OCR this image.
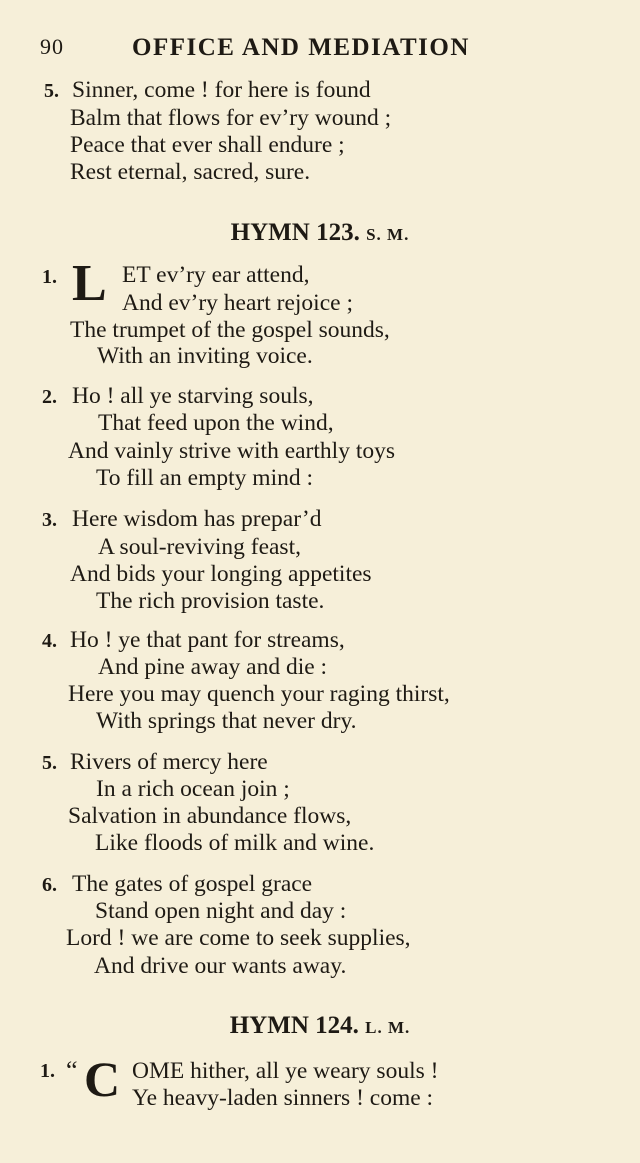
90	OFFICE AND MEDIATION
5. Sinner, come ! for here is found
Balm that flows for ev’ry wound ;
Peace that ever shall endure ;
Rest eternal, sacred, sure.
HYMN 123. S. M.
1. L ET ev’ry ear attend,
And ev’ry heart rejoice ;
The trumpet of the gospel sounds,
With an inviting voice.
2. Ho ! all ye starving souls,
That feed upon the wind,
And vainly strive with earthly toys
To fill an empty mind :
3. Here wisdom has prepar’d
A soul-reviving feast,
And bids your longing appetites
The rich provision taste.
4. Ho ! ye that pant for streams,
And pine away and die :
Here you may quench your raging thirst,
With springs that never dry.
5. Rivers of mercy here
In a rich ocean join ;
Salvation in abundance flows,
Like floods of milk and wine.
6. The gates of gospel grace
Stand open night and day :
Lord ! we are come to seek supplies,
And drive our wants away.
HYMN 124. L. M.
1. “ C OME hither, all ye weary souls !
Ye heavy-laden sinners ! come :
